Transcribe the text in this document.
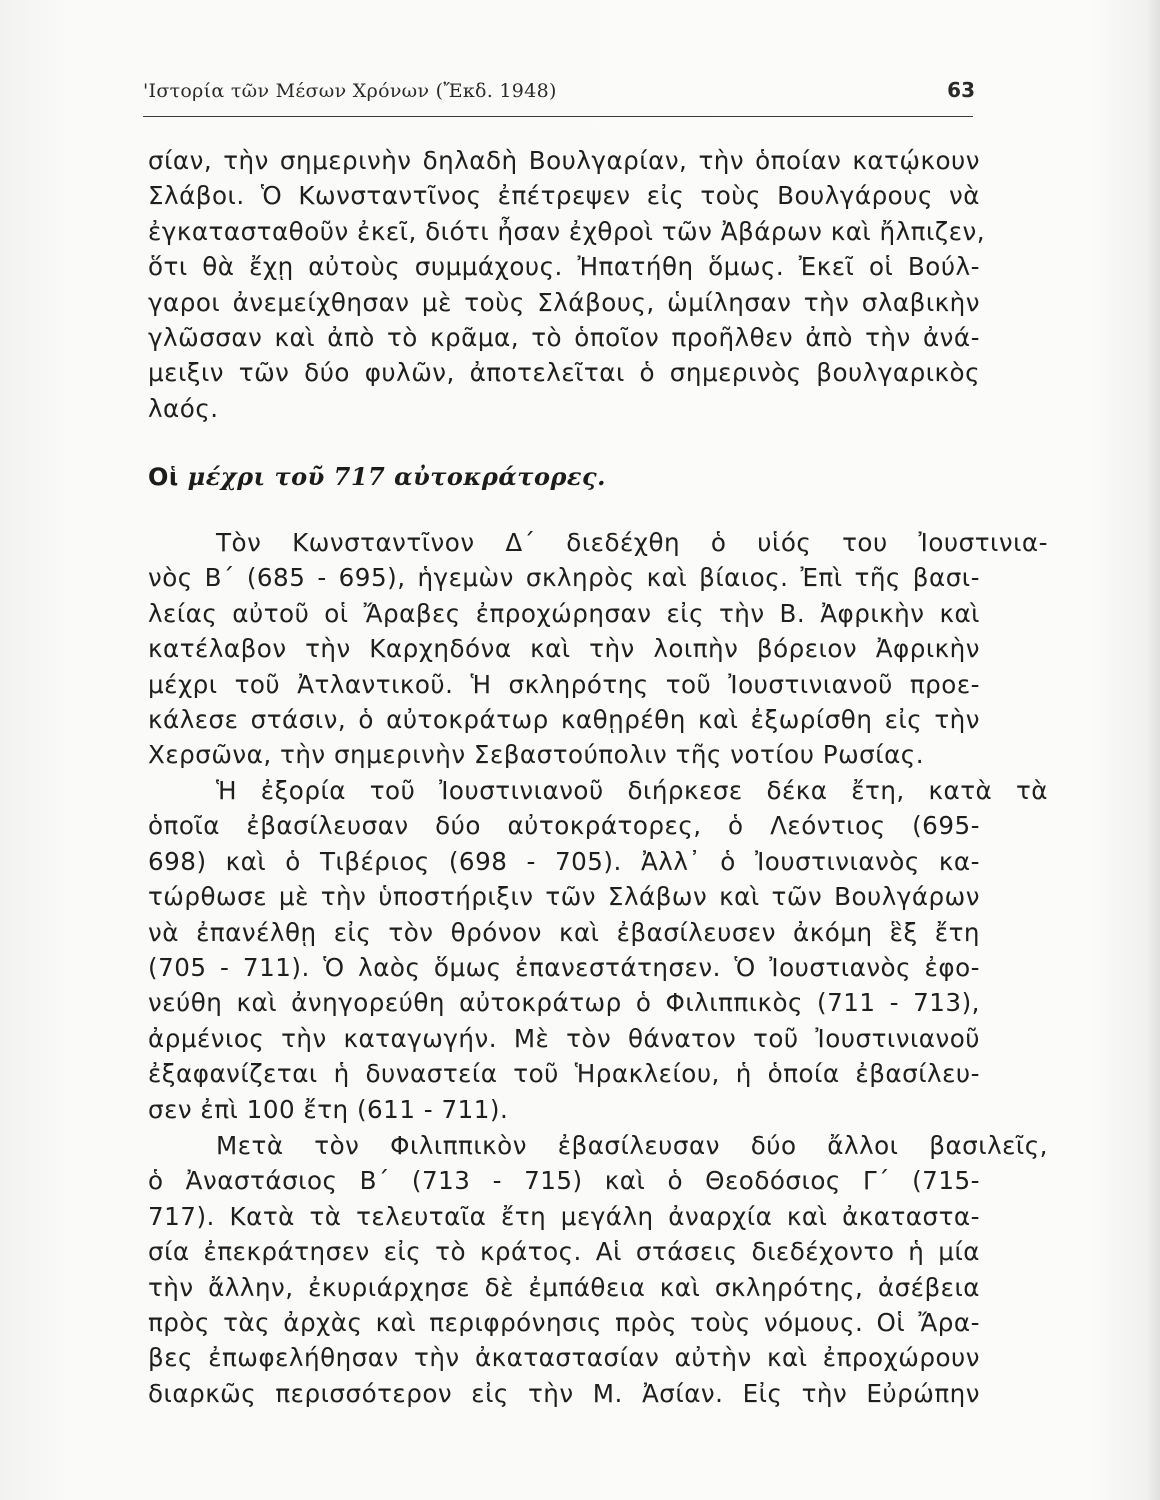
'Ιστορία τῶν Μέσων Χρόνων (Ἔκδ. 1948)	63
σίαν, τὴν σημερινὴν δηλαδὴ Βουλγαρίαν, τὴν ὁποίαν κατῴκουν
Σλάβοι. Ὁ Κωνσταντῖνος ἐπέτρεψεν εἰς τοὺς Βουλγάρους νὰ
ἐγκατασταθοῦν ἐκεῖ, διότι ἦσαν ἐχθροὶ τῶν Ἀβάρων καὶ ἤλπιζεν,
ὅτι θὰ ἔχῃ αὐτοὺς συμμάχους. Ἠπατήθη ὅμως. Ἐκεῖ οἱ Βούλ-
γαροι ἀνεμείχθησαν μὲ τοὺς Σλάβους, ὡμίλησαν τὴν σλαβικὴν
γλῶσσαν καὶ ἀπὸ τὸ κρᾶμα, τὸ ὁποῖον προῆλθεν ἀπὸ τὴν ἀνά-
μειξιν τῶν δύο φυλῶν, ἀποτελεῖται ὁ σημερινὸς βουλγαρικὸς
λαός.
Οἱ μέχρι τοῦ 717 αὐτοκράτορες.
Τὸν Κωνσταντῖνον Δ΄ διεδέχθη ὁ υἱός του Ἰουστινια-
νὸς Β΄ (685 - 695), ἡγεμὼν σκληρὸς καὶ βίαιος. Ἐπὶ τῆς βασι-
λείας αὐτοῦ οἱ Ἄραβες ἐπροχώρησαν εἰς τὴν Β. Ἀφρικὴν καὶ
κατέλαβον τὴν Καρχηδόνα καὶ τὴν λοιπὴν βόρειον Ἀφρικὴν
μέχρι τοῦ Ἀτλαντικοῦ. Ἡ σκληρότης τοῦ Ἰουστινιανοῦ προε-
κάλεσε στάσιν, ὁ αὐτοκράτωρ καθῃρέθη καὶ ἐξωρίσθη εἰς τὴν
Χερσῶνα, τὴν σημερινὴν Σεβαστούπολιν τῆς νοτίου Ρωσίας.
Ἡ ἐξορία τοῦ Ἰουστινιανοῦ διήρκεσε δέκα ἔτη, κατὰ τὰ
ὁποῖα ἐβασίλευσαν δύο αὐτοκράτορες, ὁ Λεόντιος (695-
698) καὶ ὁ Τιβέριος (698 - 705). Ἀλλ᾽ ὁ Ἰουστινιανὸς κα-
τώρθωσε μὲ τὴν ὑποστήριξιν τῶν Σλάβων καὶ τῶν Βουλγάρων
νὰ ἐπανέλθῃ εἰς τὸν θρόνον καὶ ἐβασίλευσεν ἀκόμη ἓξ ἔτη
(705 - 711). Ὁ λαὸς ὅμως ἐπανεστάτησεν. Ὁ Ἰουστιανὸς ἐφο-
νεύθη καὶ ἀνηγορεύθη αὐτοκράτωρ ὁ Φιλιππικὸς (711 - 713),
ἀρμένιος τὴν καταγωγήν. Μὲ τὸν θάνατον τοῦ Ἰουστινιανοῦ
ἐξαφανίζεται ἡ δυναστεία τοῦ Ἡρακλείου, ἡ ὁποία ἐβασίλευ-
σεν ἐπὶ 100 ἔτη (611 - 711).
Μετὰ τὸν Φιλιππικὸν ἐβασίλευσαν δύο ἄλλοι βασιλεῖς,
ὁ Ἀναστάσιος Β΄ (713 - 715) καὶ ὁ Θεοδόσιος Γ΄ (715-
717). Κατὰ τὰ τελευταῖα ἔτη μεγάλη ἀναρχία καὶ ἀκαταστα-
σία ἐπεκράτησεν εἰς τὸ κράτος. Αἱ στάσεις διεδέχοντο ἡ μία
τὴν ἄλλην, ἐκυριάρχησε δὲ ἐμπάθεια καὶ σκληρότης, ἀσέβεια
πρὸς τὰς ἀρχὰς καὶ περιφρόνησις πρὸς τοὺς νόμους. Οἱ Ἄρα-
βες ἐπωφελήθησαν τὴν ἀκαταστασίαν αὐτὴν καὶ ἐπροχώρουν
διαρκῶς περισσότερον εἰς τὴν Μ. Ἀσίαν. Εἰς τὴν Εὐρώπην
